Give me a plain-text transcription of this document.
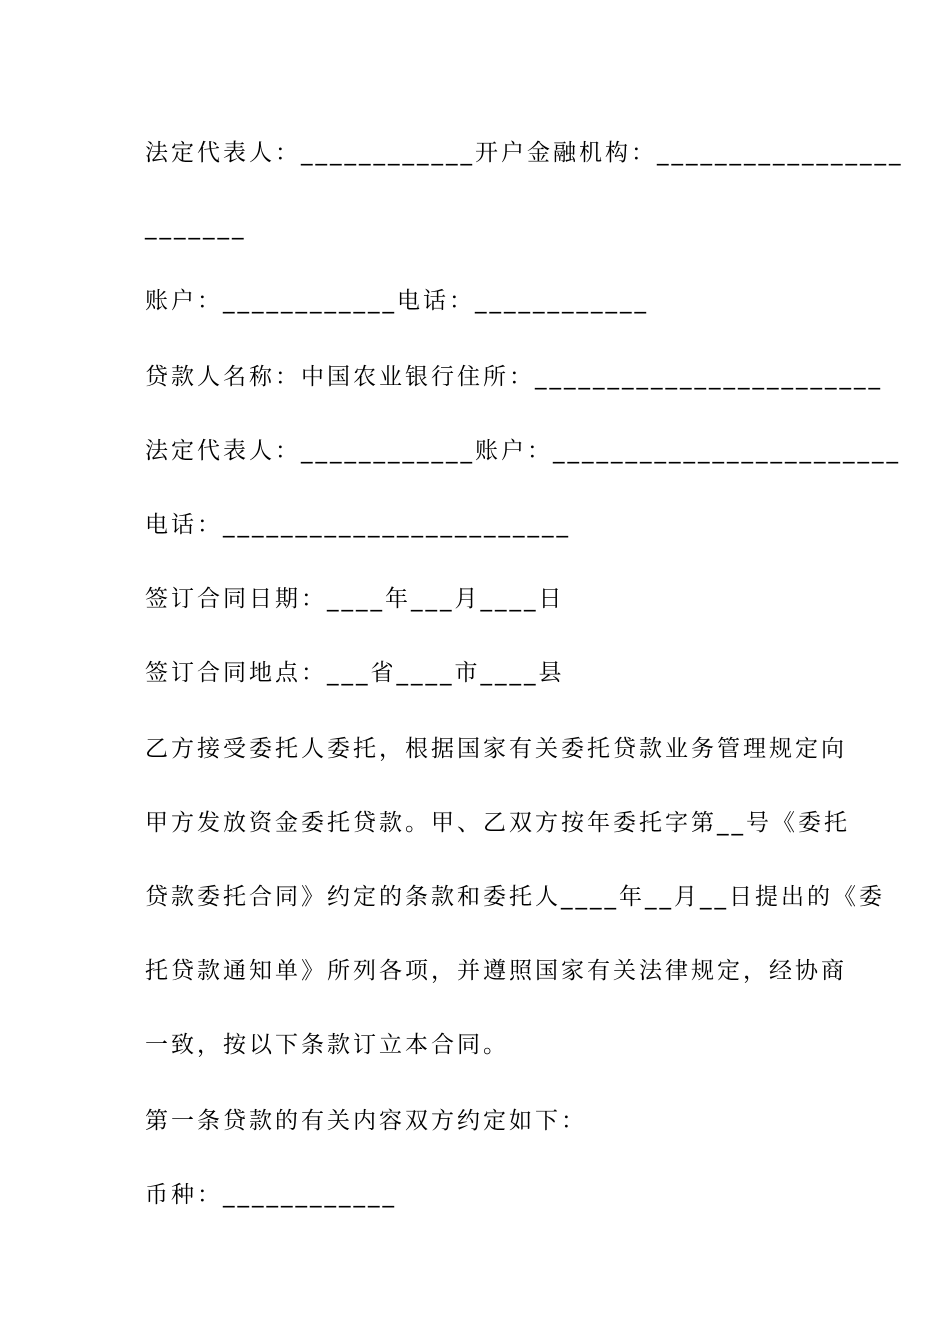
法定代表人：____________开户金融机构：_________________
_______
账户：____________电话：____________
贷款人名称：中国农业银行住所：________________________
法定代表人：____________账户：________________________
电话：________________________
签订合同日期：____年___月____日
签订合同地点：___省____市____县
乙方接受委托人委托，根据国家有关委托贷款业务管理规定向
甲方发放资金委托贷款。甲、乙双方按年委托字第__号《委托
贷款委托合同》约定的条款和委托人____年__月__日提出的《委
托贷款通知单》所列各项，并遵照国家有关法律规定，经协商
一致，按以下条款订立本合同。
第一条贷款的有关内容双方约定如下：
币种：____________
